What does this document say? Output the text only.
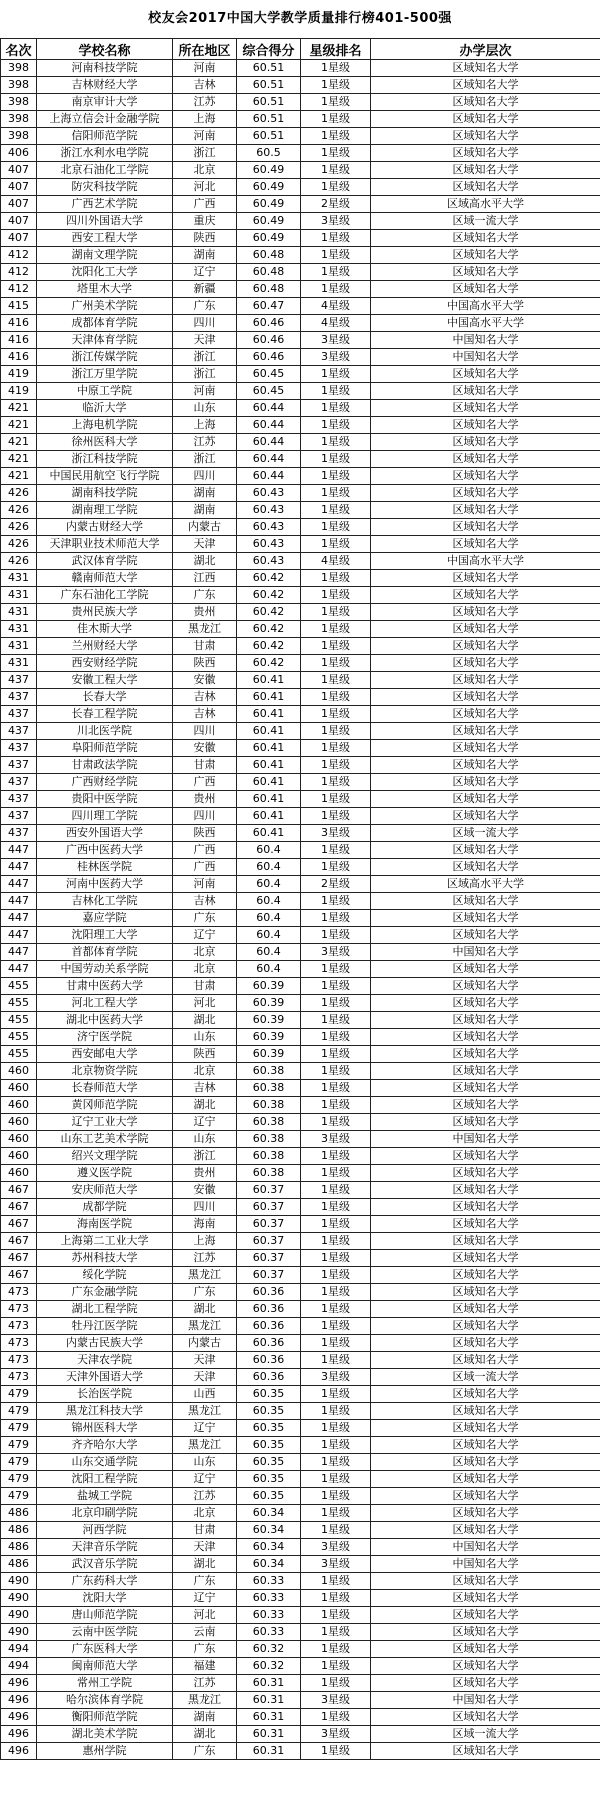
校友会2017中国大学教学质量排行榜401-500强
名次	学校名称	所在地区	综合得分	星级排名	办学层次
398	河南科技学院	河南	60.51	1星级	区域知名大学
398	吉林财经大学	吉林	60.51	1星级	区域知名大学
398	南京审计大学	江苏	60.51	1星级	区域知名大学
398	上海立信会计金融学院	上海	60.51	1星级	区域知名大学
398	信阳师范学院	河南	60.51	1星级	区域知名大学
406	浙江水利水电学院	浙江	60.5	1星级	区域知名大学
407	北京石油化工学院	北京	60.49	1星级	区域知名大学
407	防灾科技学院	河北	60.49	1星级	区域知名大学
407	广西艺术学院	广西	60.49	2星级	区域高水平大学
407	四川外国语大学	重庆	60.49	3星级	区域一流大学
407	西安工程大学	陕西	60.49	1星级	区域知名大学
412	湖南文理学院	湖南	60.48	1星级	区域知名大学
412	沈阳化工大学	辽宁	60.48	1星级	区域知名大学
412	塔里木大学	新疆	60.48	1星级	区域知名大学
415	广州美术学院	广东	60.47	4星级	中国高水平大学
416	成都体育学院	四川	60.46	4星级	中国高水平大学
416	天津体育学院	天津	60.46	3星级	中国知名大学
416	浙江传媒学院	浙江	60.46	3星级	中国知名大学
419	浙江万里学院	浙江	60.45	1星级	区域知名大学
419	中原工学院	河南	60.45	1星级	区域知名大学
421	临沂大学	山东	60.44	1星级	区域知名大学
421	上海电机学院	上海	60.44	1星级	区域知名大学
421	徐州医科大学	江苏	60.44	1星级	区域知名大学
421	浙江科技学院	浙江	60.44	1星级	区域知名大学
421	中国民用航空飞行学院	四川	60.44	1星级	区域知名大学
426	湖南科技学院	湖南	60.43	1星级	区域知名大学
426	湖南理工学院	湖南	60.43	1星级	区域知名大学
426	内蒙古财经大学	内蒙古	60.43	1星级	区域知名大学
426	天津职业技术师范大学	天津	60.43	1星级	区域知名大学
426	武汉体育学院	湖北	60.43	4星级	中国高水平大学
431	赣南师范大学	江西	60.42	1星级	区域知名大学
431	广东石油化工学院	广东	60.42	1星级	区域知名大学
431	贵州民族大学	贵州	60.42	1星级	区域知名大学
431	佳木斯大学	黑龙江	60.42	1星级	区域知名大学
431	兰州财经大学	甘肃	60.42	1星级	区域知名大学
431	西安财经学院	陕西	60.42	1星级	区域知名大学
437	安徽工程大学	安徽	60.41	1星级	区域知名大学
437	长春大学	吉林	60.41	1星级	区域知名大学
437	长春工程学院	吉林	60.41	1星级	区域知名大学
437	川北医学院	四川	60.41	1星级	区域知名大学
437	阜阳师范学院	安徽	60.41	1星级	区域知名大学
437	甘肃政法学院	甘肃	60.41	1星级	区域知名大学
437	广西财经学院	广西	60.41	1星级	区域知名大学
437	贵阳中医学院	贵州	60.41	1星级	区域知名大学
437	四川理工学院	四川	60.41	1星级	区域知名大学
437	西安外国语大学	陕西	60.41	3星级	区域一流大学
447	广西中医药大学	广西	60.4	1星级	区域知名大学
447	桂林医学院	广西	60.4	1星级	区域知名大学
447	河南中医药大学	河南	60.4	2星级	区域高水平大学
447	吉林化工学院	吉林	60.4	1星级	区域知名大学
447	嘉应学院	广东	60.4	1星级	区域知名大学
447	沈阳理工大学	辽宁	60.4	1星级	区域知名大学
447	首都体育学院	北京	60.4	3星级	中国知名大学
447	中国劳动关系学院	北京	60.4	1星级	区域知名大学
455	甘肃中医药大学	甘肃	60.39	1星级	区域知名大学
455	河北工程大学	河北	60.39	1星级	区域知名大学
455	湖北中医药大学	湖北	60.39	1星级	区域知名大学
455	济宁医学院	山东	60.39	1星级	区域知名大学
455	西安邮电大学	陕西	60.39	1星级	区域知名大学
460	北京物资学院	北京	60.38	1星级	区域知名大学
460	长春师范大学	吉林	60.38	1星级	区域知名大学
460	黄冈师范学院	湖北	60.38	1星级	区域知名大学
460	辽宁工业大学	辽宁	60.38	1星级	区域知名大学
460	山东工艺美术学院	山东	60.38	3星级	中国知名大学
460	绍兴文理学院	浙江	60.38	1星级	区域知名大学
460	遵义医学院	贵州	60.38	1星级	区域知名大学
467	安庆师范大学	安徽	60.37	1星级	区域知名大学
467	成都学院	四川	60.37	1星级	区域知名大学
467	海南医学院	海南	60.37	1星级	区域知名大学
467	上海第二工业大学	上海	60.37	1星级	区域知名大学
467	苏州科技大学	江苏	60.37	1星级	区域知名大学
467	绥化学院	黑龙江	60.37	1星级	区域知名大学
473	广东金融学院	广东	60.36	1星级	区域知名大学
473	湖北工程学院	湖北	60.36	1星级	区域知名大学
473	牡丹江医学院	黑龙江	60.36	1星级	区域知名大学
473	内蒙古民族大学	内蒙古	60.36	1星级	区域知名大学
473	天津农学院	天津	60.36	1星级	区域知名大学
473	天津外国语大学	天津	60.36	3星级	区域一流大学
479	长治医学院	山西	60.35	1星级	区域知名大学
479	黑龙江科技大学	黑龙江	60.35	1星级	区域知名大学
479	锦州医科大学	辽宁	60.35	1星级	区域知名大学
479	齐齐哈尔大学	黑龙江	60.35	1星级	区域知名大学
479	山东交通学院	山东	60.35	1星级	区域知名大学
479	沈阳工程学院	辽宁	60.35	1星级	区域知名大学
479	盐城工学院	江苏	60.35	1星级	区域知名大学
486	北京印刷学院	北京	60.34	1星级	区域知名大学
486	河西学院	甘肃	60.34	1星级	区域知名大学
486	天津音乐学院	天津	60.34	3星级	中国知名大学
486	武汉音乐学院	湖北	60.34	3星级	中国知名大学
490	广东药科大学	广东	60.33	1星级	区域知名大学
490	沈阳大学	辽宁	60.33	1星级	区域知名大学
490	唐山师范学院	河北	60.33	1星级	区域知名大学
490	云南中医学院	云南	60.33	1星级	区域知名大学
494	广东医科大学	广东	60.32	1星级	区域知名大学
494	闽南师范大学	福建	60.32	1星级	区域知名大学
496	常州工学院	江苏	60.31	1星级	区域知名大学
496	哈尔滨体育学院	黑龙江	60.31	3星级	中国知名大学
496	衡阳师范学院	湖南	60.31	1星级	区域知名大学
496	湖北美术学院	湖北	60.31	3星级	区域一流大学
496	惠州学院	广东	60.31	1星级	区域知名大学
